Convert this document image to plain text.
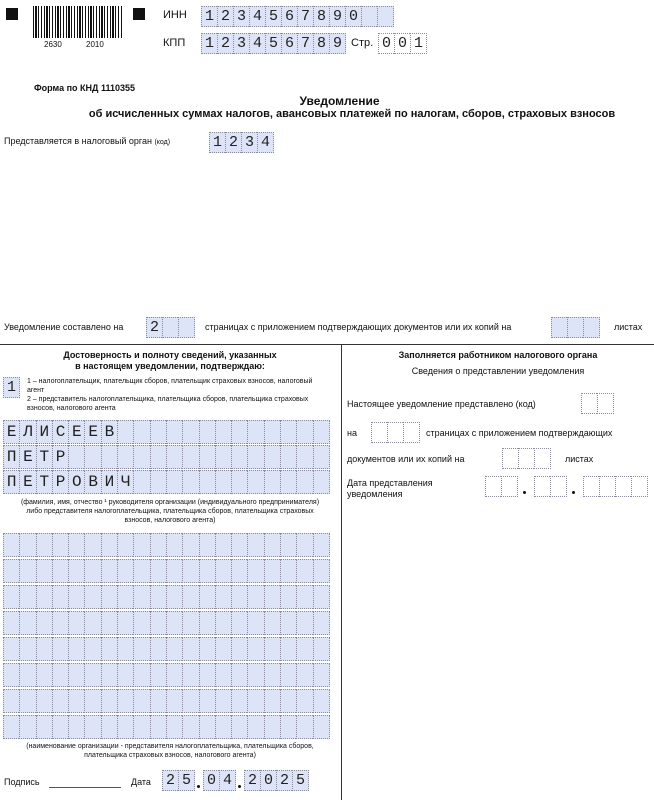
2630	2010
ИНН 1 2 3 4 5 6 7 8 9 0
КПП 1 2 3 4 5 6 7 8 9 Стр. 0 0 1
Форма по КНД 1110355
Уведомление
об исчисленных суммах налогов, авансовых платежей по налогам, сборов, страховых взносов
Представляется в налоговый орган (код)	1 2 3 4
Уведомление составлено на 2	страницах с приложением подтверждающих документов или их копий на	листах
Достоверность и полноту сведений, указанных
в настоящем уведомлении, подтверждаю:
1	1 – налогоплательщик, плательщик сборов, плательщик страховых взносов, налоговый агент
2 – представитель налогоплательщика, плательщика сборов, плательщика страховых взносов, налогового агента
Е Л И С Е Е В
П Е Т Р
П Е Т Р О В И Ч
(фамилия, имя, отчество ¹ руководителя организации (индивидуального предпринимателя) либо представителя налогоплательщика, плательщика сборов, плательщика страховых взносов, налогового агента)
(наименование организации - представителя налогоплательщика, плательщика сборов, плательщика страховых взносов, налогового агента)
Подпись	Дата 2 5 0 4 2 0 2 5
Заполняется работником налогового органа
Сведения о представлении уведомления
Настоящее уведомление представлено (код)
на	страницах с приложением подтверждающих
документов или их копий на	листах
Дата представления уведомления
